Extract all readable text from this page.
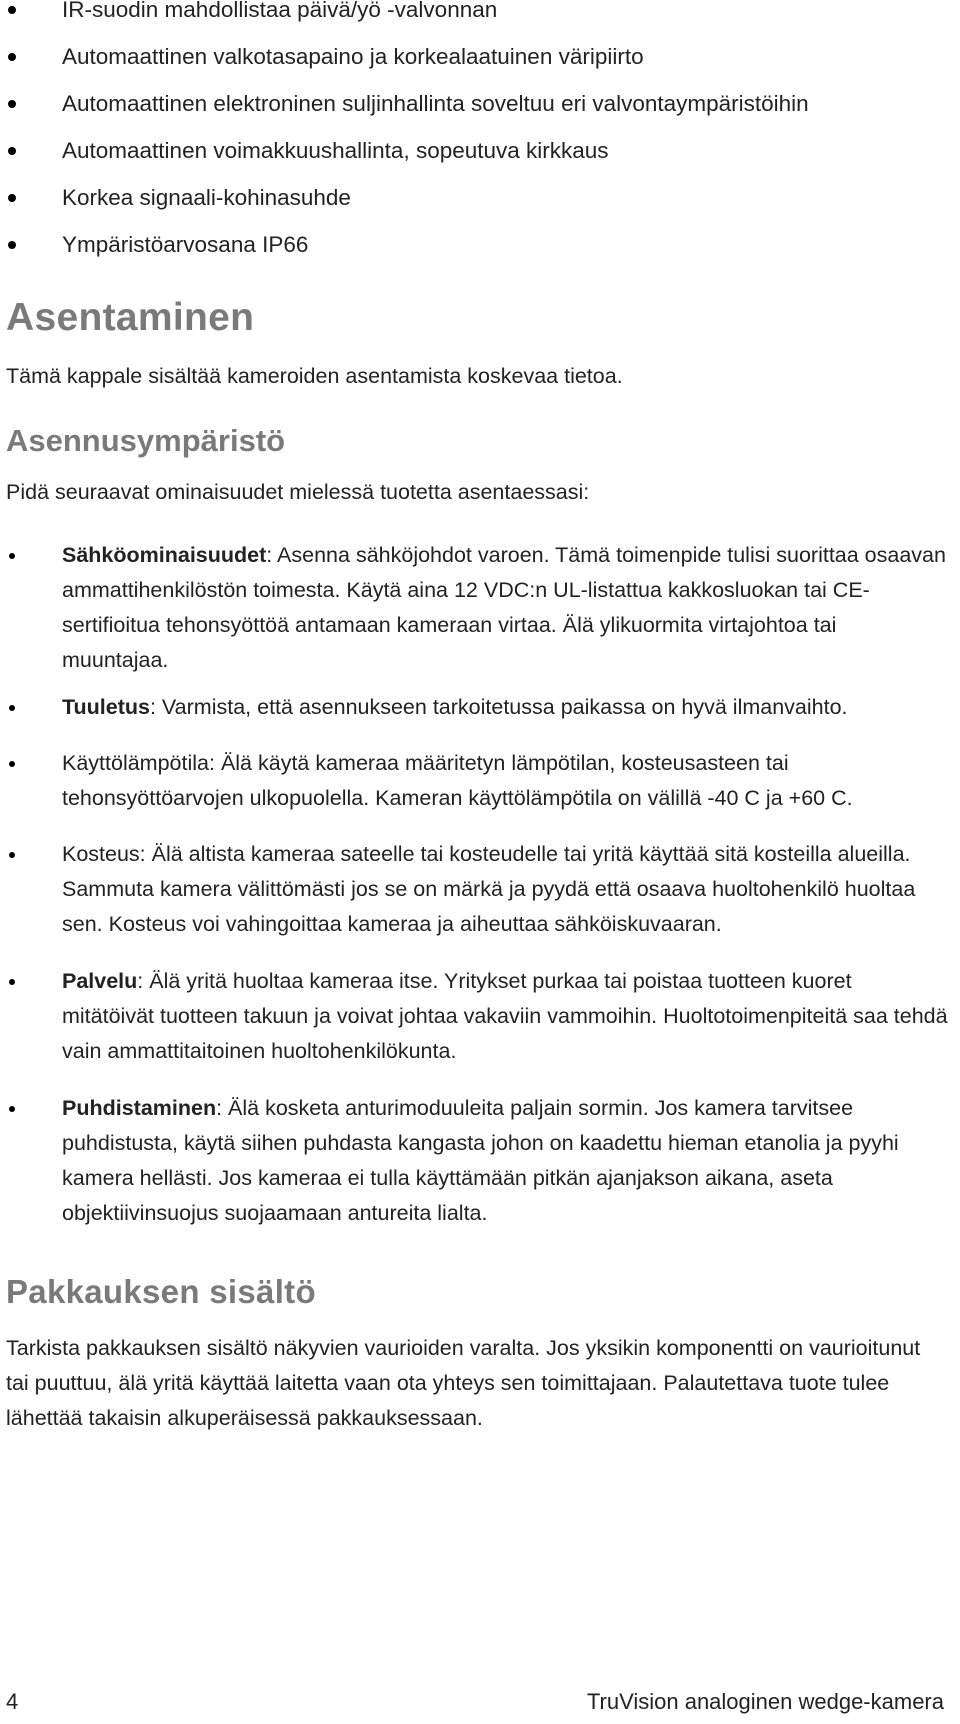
IR-suodin mahdollistaa päivä/yö -valvonnan
Automaattinen valkotasapaino ja korkealaatuinen väripiirto
Automaattinen elektroninen suljinhallinta soveltuu eri valvontaympäristöihin
Automaattinen voimakkuushallinta, sopeutuva kirkkaus
Korkea signaali-kohinasuhde
Ympäristöarvosana IP66
Asentaminen

Tämä kappale sisältää kameroiden asentamista koskevaa tietoa.

Asennusympäristö

Pidä seuraavat ominaisuudet mielessä tuotetta asentaessasi:

Sähköominaisuudet: Asenna sähköjohdot varoen. Tämä toimenpide tulisi suorittaa osaavan ammattihenkilöstön toimesta. Käytä aina 12 VDC:n UL-listattua kakkosluokan tai CE-sertifioitua tehonsyöttöä antamaan kameraan virtaa. Älä ylikuormita virtajohtoa tai muuntajaa.
Tuuletus: Varmista, että asennukseen tarkoitetussa paikassa on hyvä ilmanvaihto.
Käyttölämpötila: Älä käytä kameraa määritetyn lämpötilan, kosteusasteen tai tehonsyöttöarvojen ulkopuolella. Kameran käyttölämpötila on välillä -40 C ja +60 C.
Kosteus: Älä altista kameraa sateelle tai kosteudelle tai yritä käyttää sitä kosteilla alueilla. Sammuta kamera välittömästi jos se on märkä ja pyydä että osaava huoltohenkilö huoltaa sen. Kosteus voi vahingoittaa kameraa ja aiheuttaa sähköiskuvaaran.
Palvelu: Älä yritä huoltaa kameraa itse. Yritykset purkaa tai poistaa tuotteen kuoret mitätöivät tuotteen takuun ja voivat johtaa vakaviin vammoihin. Huoltotoimenpiteitä saa tehdä vain ammattitaitoinen huoltohenkilökunta.
Puhdistaminen: Älä kosketa anturimoduuleita paljain sormin. Jos kamera tarvitsee puhdistusta, käytä siihen puhdasta kangasta johon on kaadettu hieman etanolia ja pyyhi kamera hellästi. Jos kameraa ei tulla käyttämään pitkän ajanjakson aikana, aseta objektiivinsuojus suojaamaan antureita lialta.
Pakkauksen sisältö

Tarkista pakkauksen sisältö näkyvien vaurioiden varalta. Jos yksikin komponentti on vaurioitunut tai puuttuu, älä yritä käyttää laitetta vaan ota yhteys sen toimittajaan. Palautettava tuote tulee lähettää takaisin alkuperäisessä pakkauksessaan.

4	TruVision analoginen wedge-kamera
